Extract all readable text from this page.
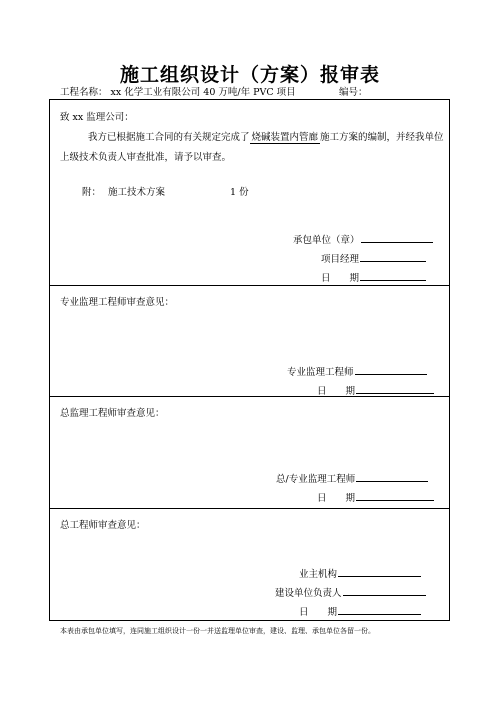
施工组织设计（方案）报审表
工程名称： xx 化学工业有限公司 40 万吨/年 PVC 项目	编号：
致 xx 监理公司：
我方已根据施工合同的有关规定完成了 烧碱装置内管廊 施工方案的编制，并经我单位上级技术负责人审查批准，请予以审查。
附： 施工技术方案	1 份
承包单位（章）
项目经理
日　　期
专业监理工程师审查意见：
专业监理工程师
日　　期
总监理工程师审查意见：
总/专业监理工程师
日　　期
总工程师审查意见：
业主机构
建设单位负责人
日　　期
本表由承包单位填写，连同施工组织设计一份一并送监理单位审查，建设、监理、承包单位各留一份。
